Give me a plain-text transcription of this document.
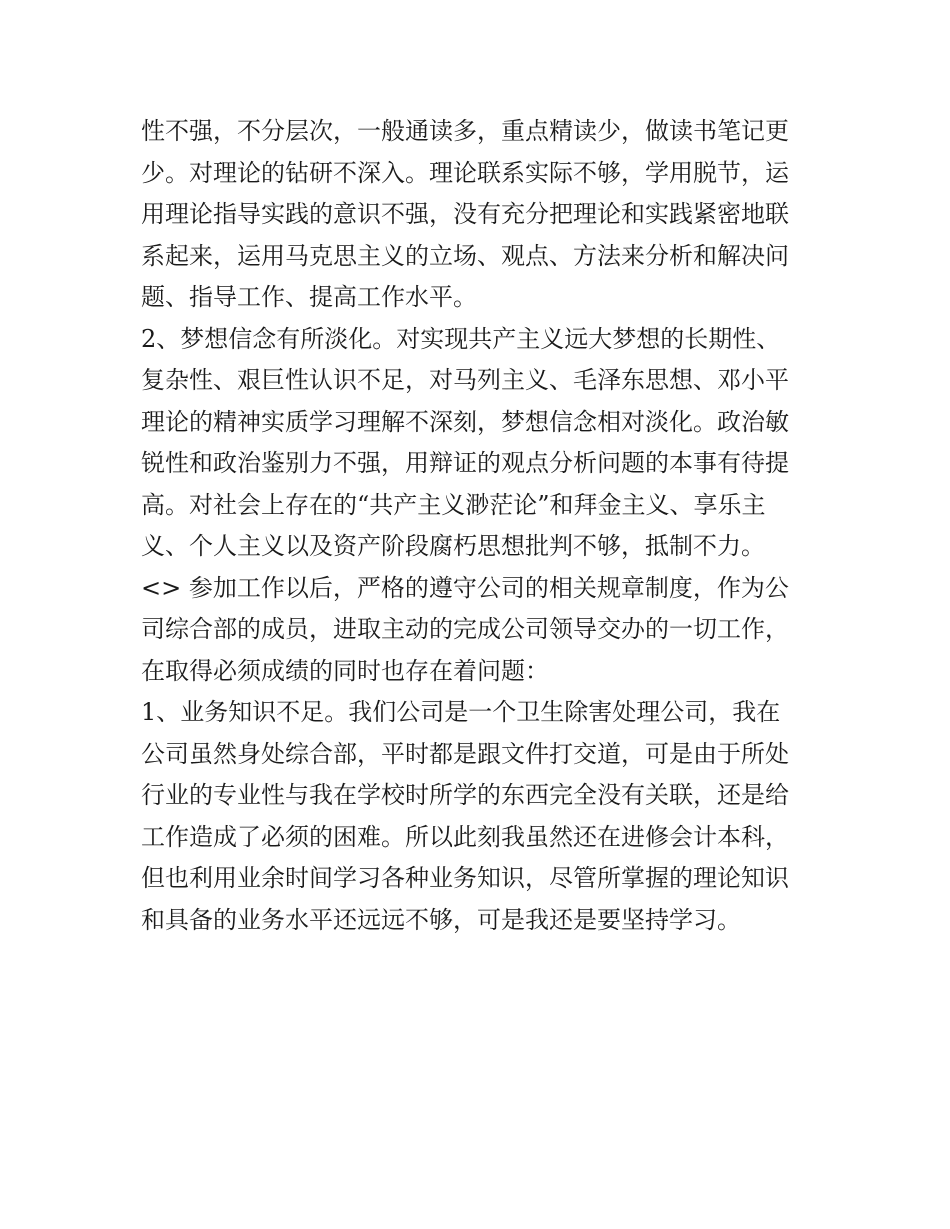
性不强，不分层次，一般通读多，重点精读少，做读书笔记更
少。对理论的钻研不深入。理论联系实际不够，学用脱节，运
用理论指导实践的意识不强，没有充分把理论和实践紧密地联
系起来，运用马克思主义的立场、观点、方法来分析和解决问
题、指导工作、提高工作水平。
2、梦想信念有所淡化。对实现共产主义远大梦想的长期性、
复杂性、艰巨性认识不足，对马列主义、毛泽东思想、邓小平
理论的精神实质学习理解不深刻，梦想信念相对淡化。政治敏
锐性和政治鉴别力不强，用辩证的观点分析问题的本事有待提
高。对社会上存在的“共产主义渺茫论”和拜金主义、享乐主
义、个人主义以及资产阶段腐朽思想批判不够，抵制不力。
<> 参加工作以后，严格的遵守公司的相关规章制度，作为公
司综合部的成员，进取主动的完成公司领导交办的一切工作，
在取得必须成绩的同时也存在着问题：
1、业务知识不足。我们公司是一个卫生除害处理公司，我在
公司虽然身处综合部，平时都是跟文件打交道，可是由于所处
行业的专业性与我在学校时所学的东西完全没有关联，还是给
工作造成了必须的困难。所以此刻我虽然还在进修会计本科，
但也利用业余时间学习各种业务知识，尽管所掌握的理论知识
和具备的业务水平还远远不够，可是我还是要坚持学习。
